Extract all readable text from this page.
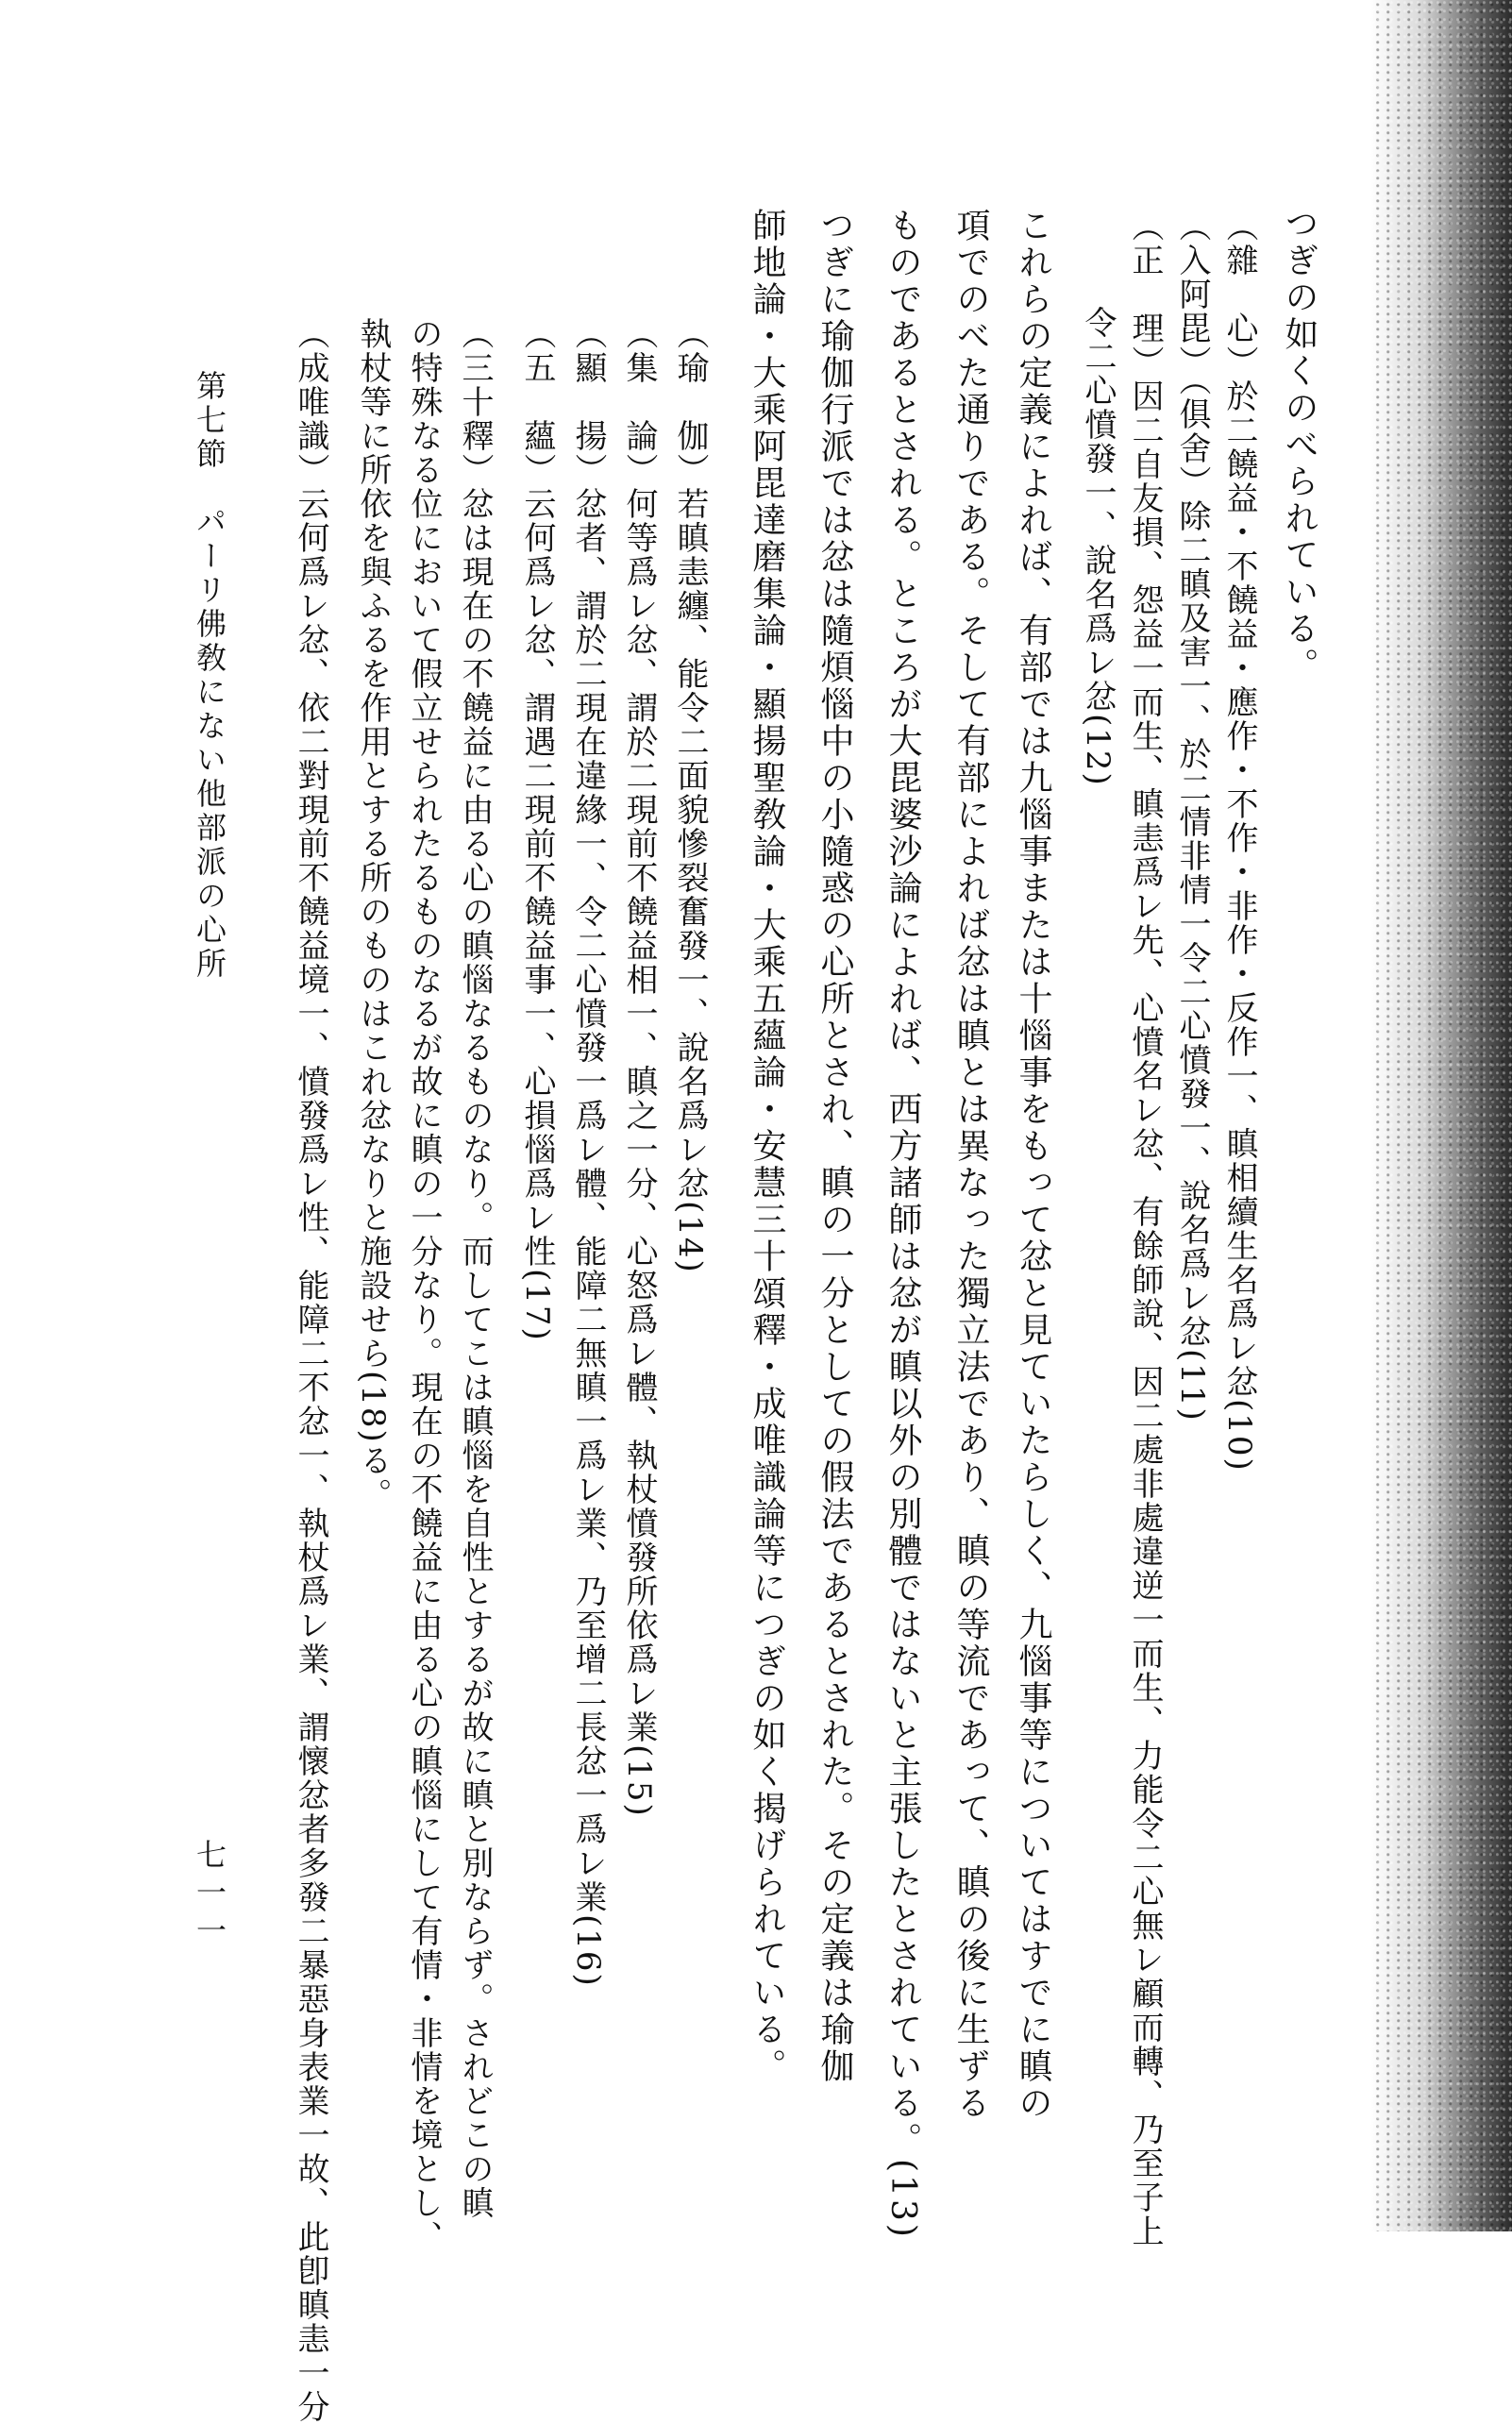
つぎの如くのべられている。
（雜　心）於二饒益・不饒益・應作・不作・非作・反作一、瞋相續生名爲レ忿(10)
（入阿毘）（俱舍）除二瞋及害一、於二情非情一令二心憤發一、說名爲レ忿(11)
（正　理）因二自友損、怨益一而生、瞋恚爲レ先、心憤名レ忿、有餘師說、因二處非處違逆一而生、力能令二心無レ顧而轉、乃至子上
令二心憤發一、說名爲レ忿(12)
これらの定義によれば、有部では九惱事または十惱事をもって忿と見ていたらしく、九惱事等についてはすでに瞋の
項でのべた通りである。そして有部によれば忿は瞋とは異なった獨立法であり、瞋の等流であって、瞋の後に生ずる
ものであるとされる。ところが大毘婆沙論によれば、西方諸師は忿が瞋以外の別體ではないと主張したとされている。(13)
つぎに瑜伽行派では忿は隨煩惱中の小隨惑の心所とされ、瞋の一分としての假法であるとされた。その定義は瑜伽
師地論・大乘阿毘達磨集論・顯揚聖敎論・大乘五蘊論・安慧三十頌釋・成唯識論等につぎの如く揭げられている。
（瑜　伽）若瞋恚纏、能令二面貌慘裂奮發一、說名爲レ忿(14)
（集　論）何等爲レ忿、謂於二現前不饒益相一、瞋之一分、心怒爲レ體、執杖憤發所依爲レ業(15)
（顯　揚）忿者、謂於二現在違緣一、令二心憤發一爲レ體、能障二無瞋一爲レ業、乃至增二長忿一爲レ業(16)
（五　蘊）云何爲レ忿、謂遇二現前不饒益事一、心損惱爲レ性(17)
（三十釋）忿は現在の不饒益に由る心の瞋惱なるものなり。而してこは瞋惱を自性とするが故に瞋と別ならず。されどこの瞋
の特殊なる位において假立せられたるものなるが故に瞋の一分なり。現在の不饒益に由る心の瞋惱にして有情・非情を境とし、
執杖等に所依を與ふるを作用とする所のものはこれ忿なりと施設せら(18)る。
（成唯識）云何爲レ忿、依二對現前不饒益境一、憤發爲レ性、能障二不忿一、執杖爲レ業、謂懷忿者多發二暴惡身表業一故、此卽瞋恚一分
第七節　パーリ佛敎にない他部派の心所
七一一
